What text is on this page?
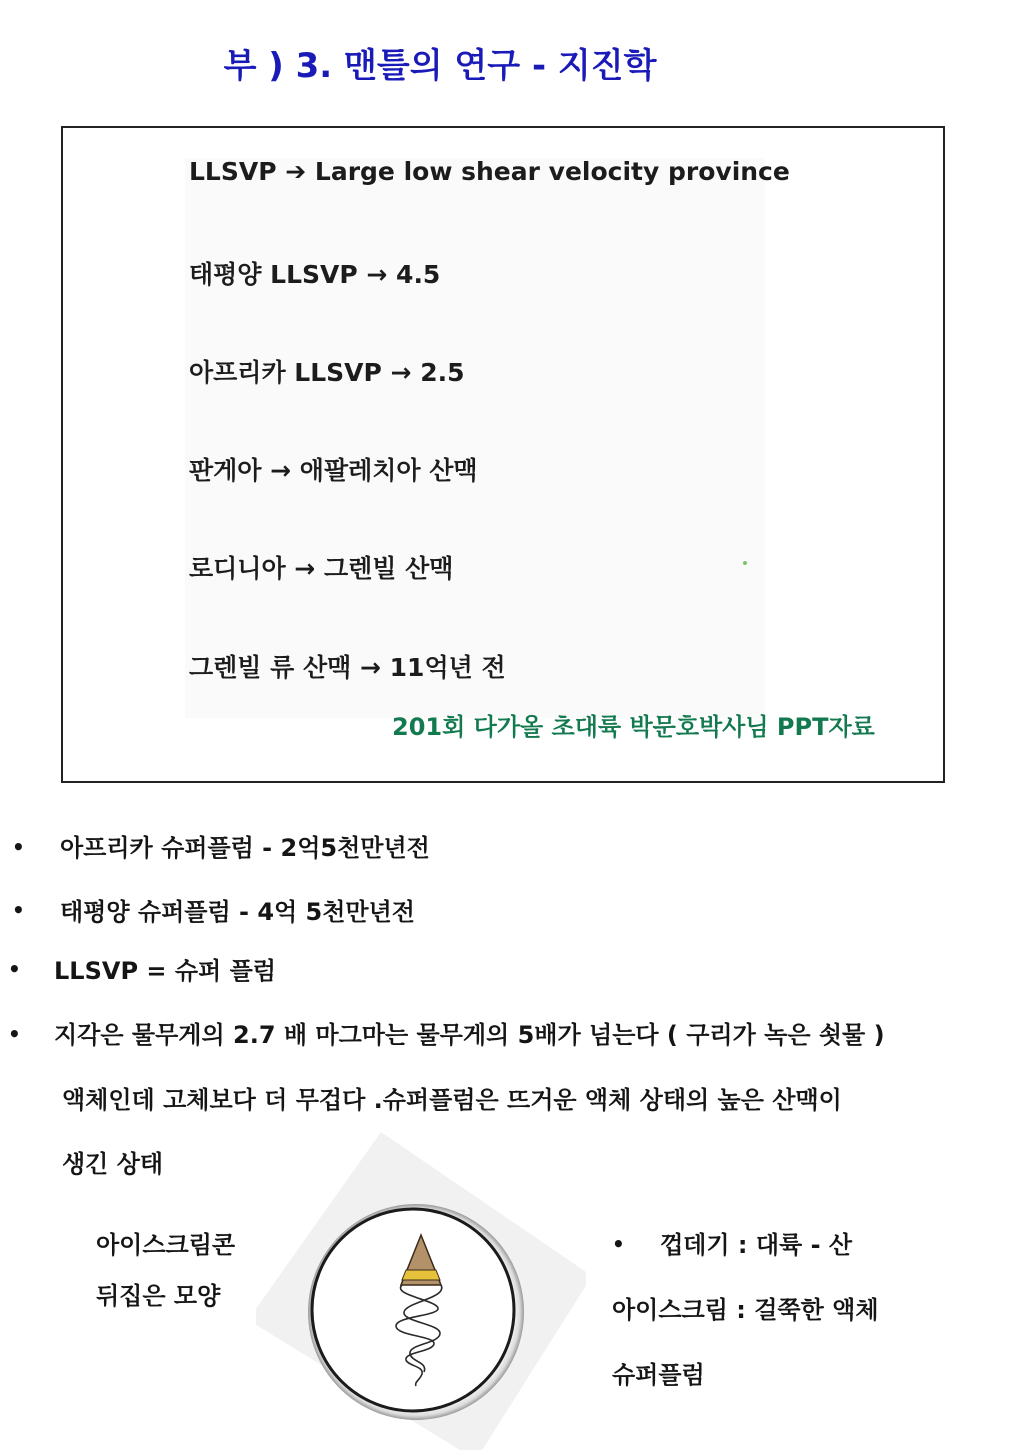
부 ) 3. 맨틀의 연구 - 지진학
LLSVP ➔ Large low shear velocity province
태평양 LLSVP → 4.5
아프리카 LLSVP → 2.5
판게아 → 애팔레치아 산맥
로디니아 → 그렌빌 산맥
그렌빌 류 산맥 → 11억년 전
201회 다가올 초대륙 박문호박사님 PPT자료
• 아프리카 슈퍼플럼 - 2억5천만년전
• 태평양 슈퍼플럼 - 4억 5천만년전
• LLSVP = 슈퍼 플럼
• 지각은 물무게의 2.7 배 마그마는 물무게의 5배가 넘는다 ( 구리가 녹은 쇳물 )
액체인데 고체보다 더 무겁다 .슈퍼플럼은 뜨거운 액체 상태의 높은 산맥이
생긴 상태
아이스크림콘
뒤집은 모양
• 껍데기 : 대륙 - 산
아이스크림 : 걸쭉한 액체
슈퍼플럼
